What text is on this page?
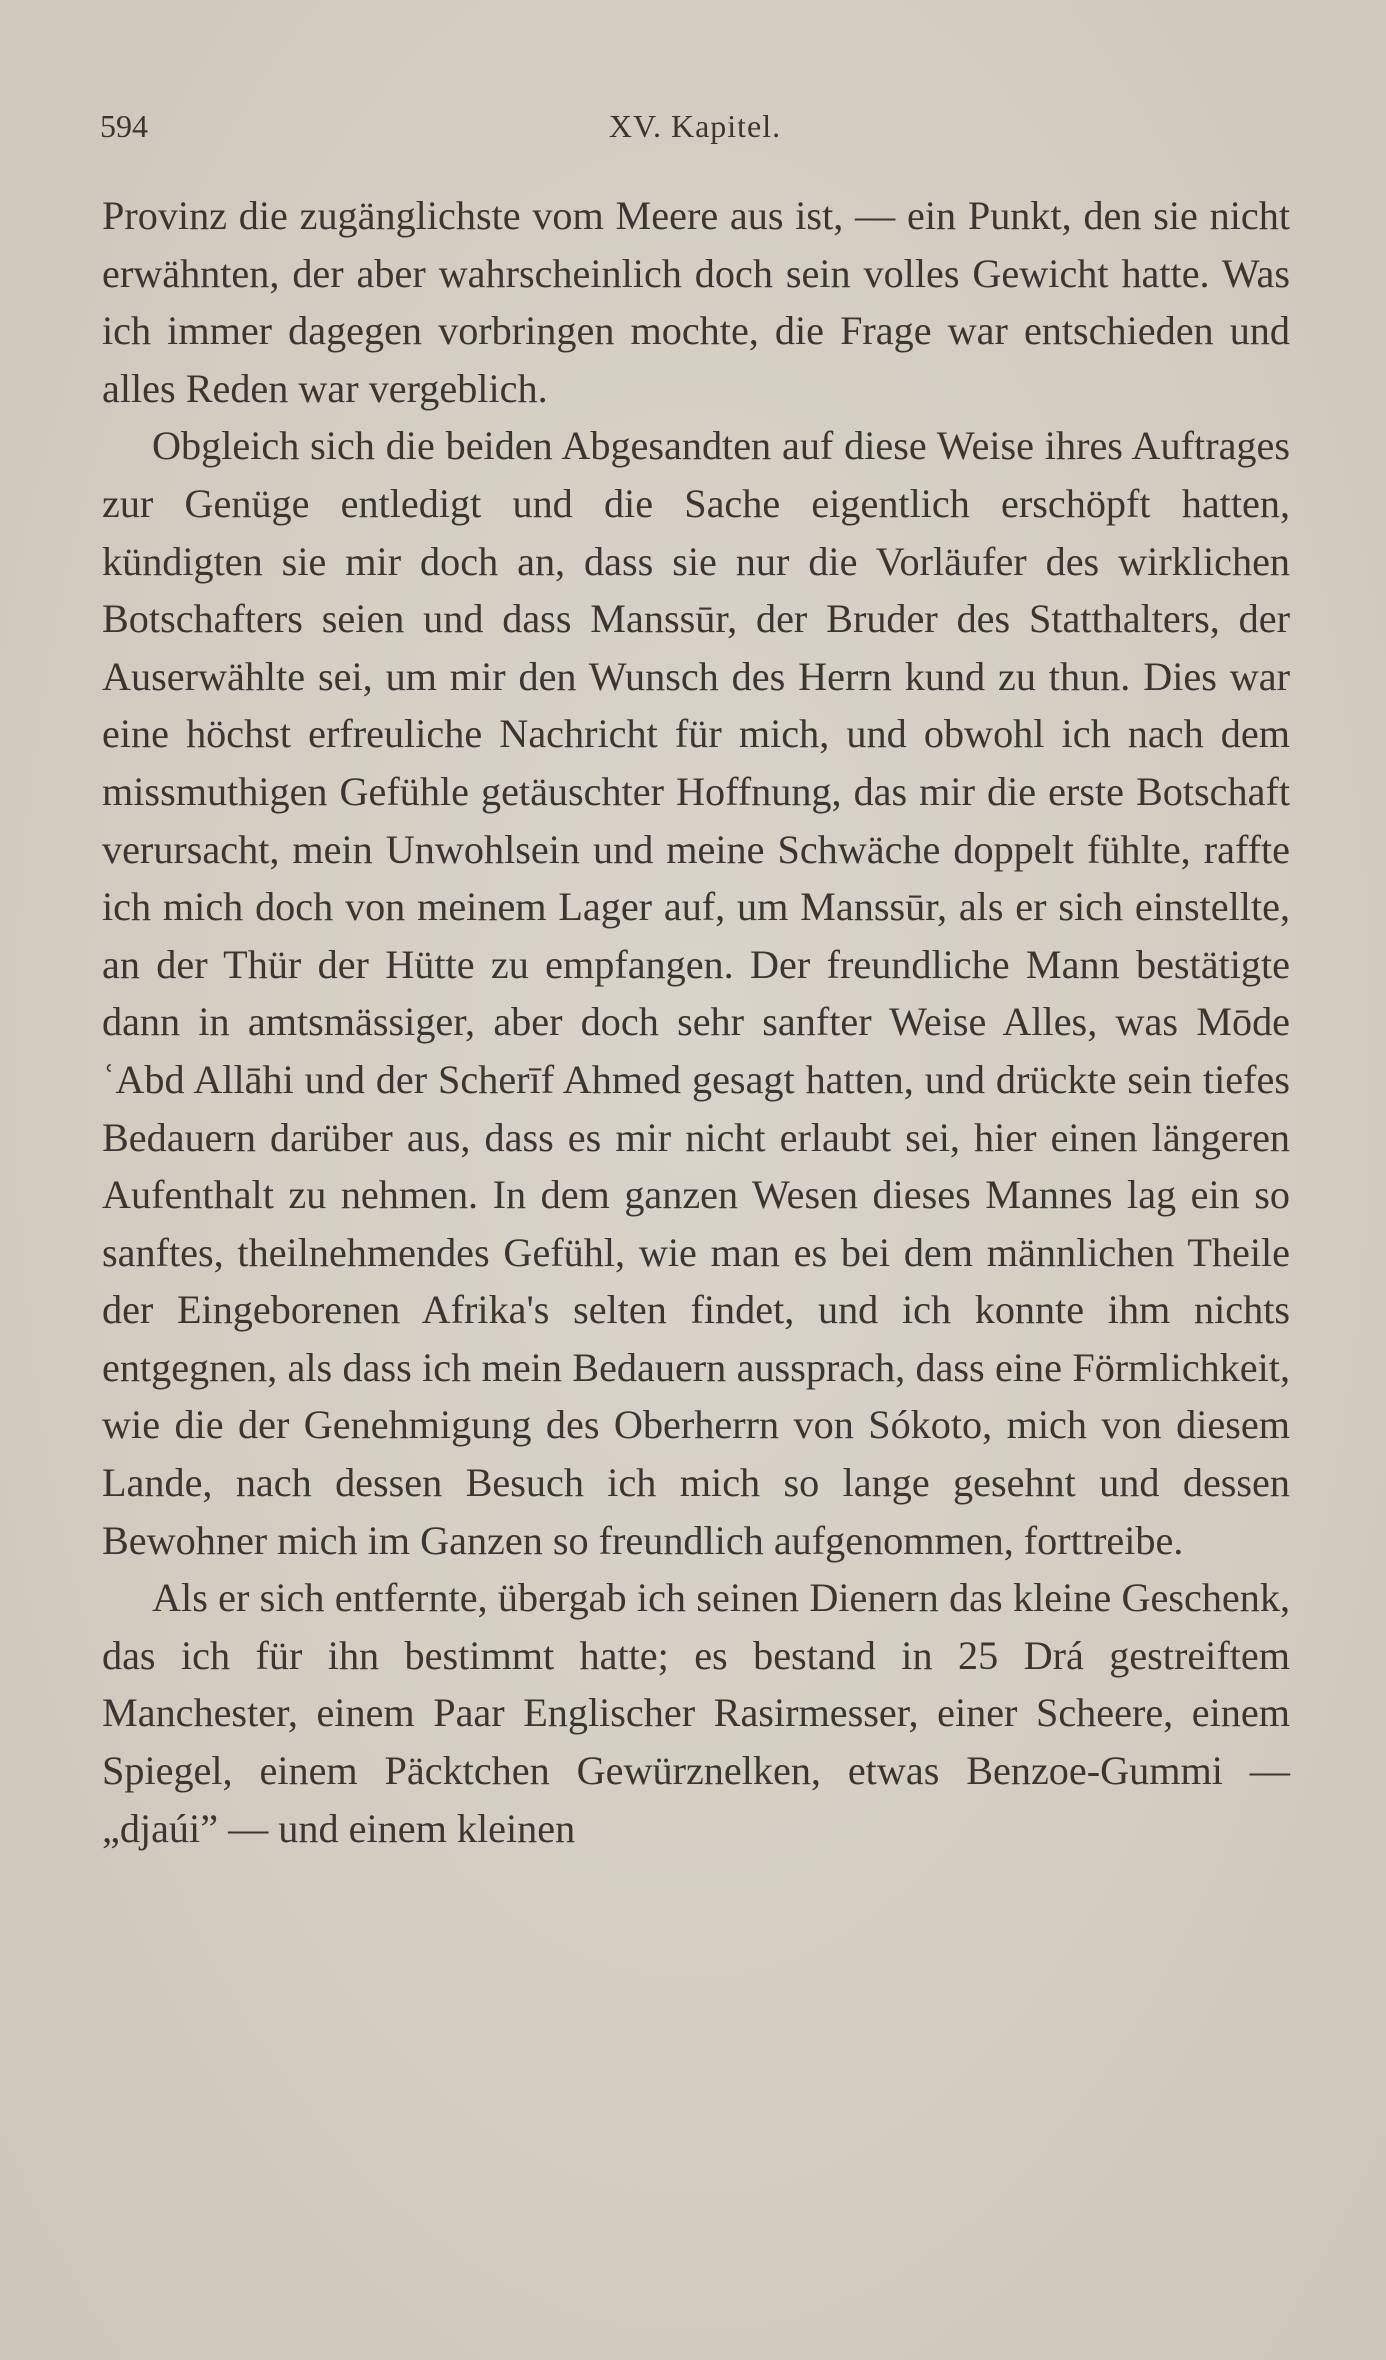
594	XV. Kapitel.

Provinz die zugänglichste vom Meere aus ist, — ein Punkt, den sie nicht erwähnten, der aber wahrscheinlich doch sein volles Gewicht hatte. Was ich immer dagegen vorbringen mochte, die Frage war entschieden und alles Reden war vergeblich.

Obgleich sich die beiden Abgesandten auf diese Weise ihres Auftrages zur Genüge entledigt und die Sache eigentlich erschöpft hatten, kündigten sie mir doch an, dass sie nur die Vorläufer des wirklichen Botschafters seien und dass Manssūr, der Bruder des Statthalters, der Auserwählte sei, um mir den Wunsch des Herrn kund zu thun. Dies war eine höchst erfreuliche Nachricht für mich, und obwohl ich nach dem missmuthigen Gefühle getäuschter Hoffnung, das mir die erste Botschaft verursacht, mein Unwohlsein und meine Schwäche doppelt fühlte, raffte ich mich doch von meinem Lager auf, um Manssūr, als er sich einstellte, an der Thür der Hütte zu empfangen. Der freundliche Mann bestätigte dann in amtsmässiger, aber doch sehr sanfter Weise Alles, was Mōde ʿAbd Allāhi und der Scherīf Ahmed gesagt hatten, und drückte sein tiefes Bedauern darüber aus, dass es mir nicht erlaubt sei, hier einen längeren Aufenthalt zu nehmen. In dem ganzen Wesen dieses Mannes lag ein so sanftes, theilnehmendes Gefühl, wie man es bei dem männlichen Theile der Eingeborenen Afrika's selten findet, und ich konnte ihm nichts entgegnen, als dass ich mein Bedauern aussprach, dass eine Förmlichkeit, wie die der Genehmigung des Oberherrn von Sókoto, mich von diesem Lande, nach dessen Besuch ich mich so lange gesehnt und dessen Bewohner mich im Ganzen so freundlich aufgenommen, forttreibe.

Als er sich entfernte, übergab ich seinen Dienern das kleine Geschenk, das ich für ihn bestimmt hatte; es bestand in 25 Drá gestreiftem Manchester, einem Paar Englischer Rasirmesser, einer Scheere, einem Spiegel, einem Päcktchen Gewürznelken, etwas Benzoe-Gummi — „djaúi” — und einem kleinen
